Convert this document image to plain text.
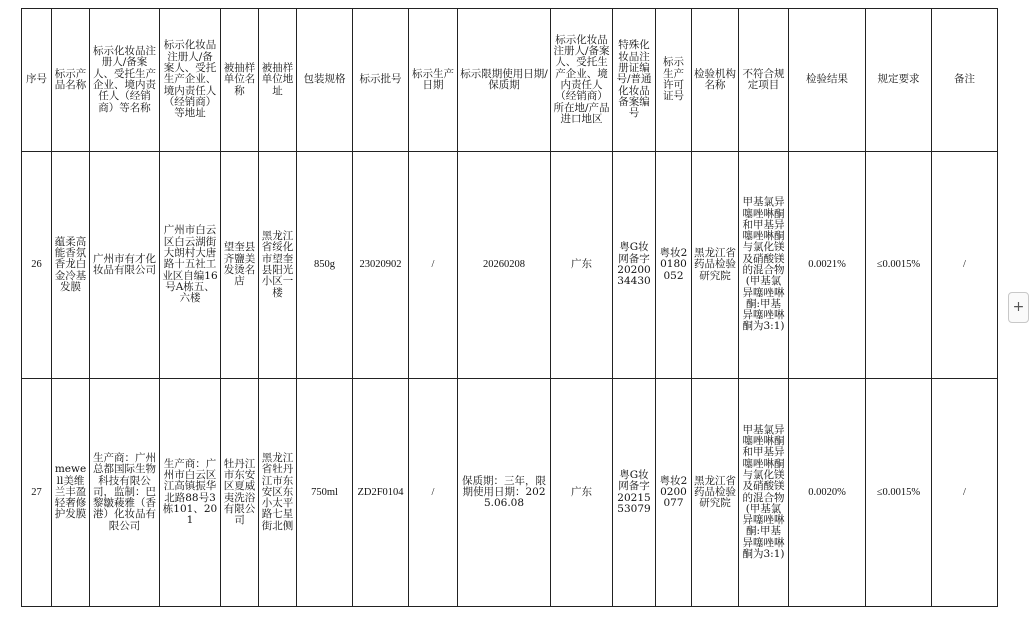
序号	标示产品名称	标示化妆品注册人/备案人、受托生产企业、境内责任人（经销商）等名称	标示化妆品注册人/备案人、受托生产企业、境内责任人（经销商）等地址	被抽样单位名称	被抽样单位地址	包装规格	标示批号	标示生产日期	标示限期使用日期/保质期	标示化妆品注册人/备案人、受托生产企业、境内责任人（经销商）所在地/产品进口地区	特殊化妆品注册证编号/普通化妆品备案编号	标示生产许可证号	检验机构名称	不符合规定项目	检验结果	规定要求	备注
26	蕴柔高能香氛香龙白金冷基发膜	广州市有才化妆品有限公司	广州市白云区白云湖街大朗村大唐路十五社工业区自编16号A栋五、六楼	望奎县齐鹽美发烫名店	黑龙江省绥化市望奎县阳光小区一楼	850g	23020902	/	20260208	广东	粤G妆网备字2020034430	粤妆20180052	黑龙江省药品检验研究院	甲基氯异噻唑啉酮和甲基异噻唑啉酮与氯化镁及硝酸镁的混合物(甲基氯异噻唑啉酮:甲基异噻唑啉酮为3:1)	0.0021%	≤0.0015%	/
27	mewell美维兰丰盈轻奢修护发膜	生产商：广州总都国际生物科技有限公司，监制：巴黎皺薐雅（香港）化妆品有限公司	生产商：广州市白云区江高镇振华北路88号3栋101、201	牡丹江市东安区夏威夷洗浴有限公司	黑龙江省牡丹江市东安区东小太平路七星街北侧	750ml	ZD2F0104	/	保质期：三年，限期使用日期：2025.06.08	广东	粤G妆网备字2021553079	粤妆20200077	黑龙江省药品检验研究院	甲基氯异噻唑啉酮和甲基异噻唑啉酮与氯化镁及硝酸镁的混合物(甲基氯异噻唑啉酮:甲基异噻唑啉酮为3:1)	0.0020%	≤0.0015%	/
+
